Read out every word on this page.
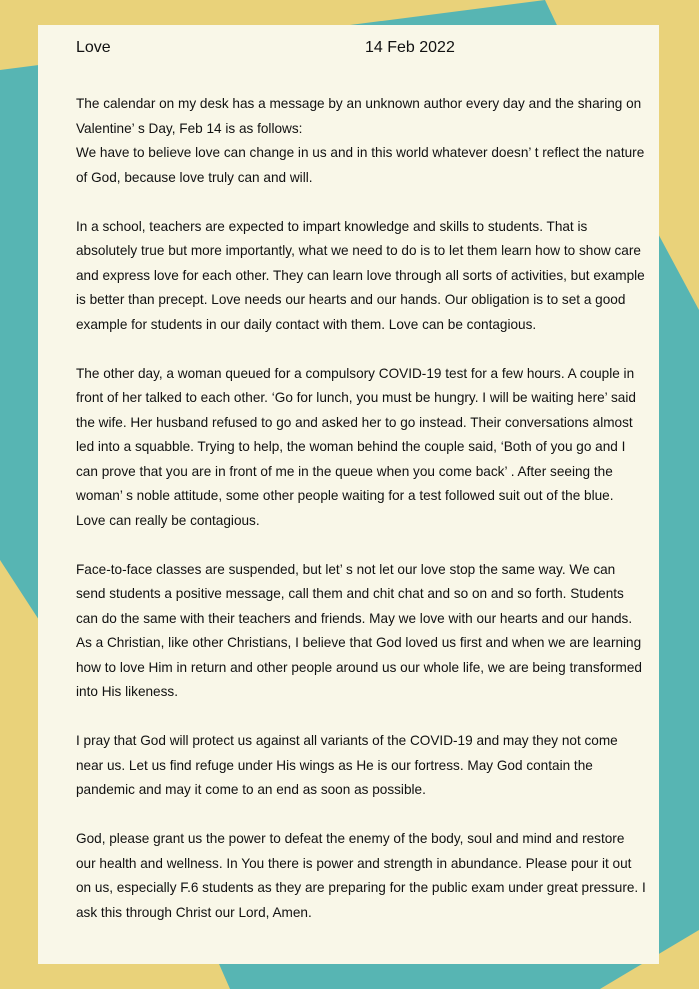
Love	14 Feb 2022

The calendar on my desk has a message by an unknown author every day and the sharing on Valentine’ s Day, Feb 14 is as follows:

We have to believe love can change in us and in this world whatever doesn’ t reflect the nature of God, because love truly can and will.

In a school, teachers are expected to impart knowledge and skills to students. That is absolutely true but more importantly, what we need to do is to let them learn how to show care and express love for each other. They can learn love through all sorts of activities, but example is better than precept. Love needs our hearts and our hands. Our obligation is to set a good example for students in our daily contact with them. Love can be contagious.

The other day, a woman queued for a compulsory COVID-19 test for a few hours. A couple in front of her talked to each other. ‘Go for lunch, you must be hungry. I will be waiting here’ said the wife. Her husband refused to go and asked her to go instead. Their conversations almost led into a squabble. Trying to help, the woman behind the couple said, ‘Both of you go and I can prove that you are in front of me in the queue when you come back’ . After seeing the woman’ s noble attitude, some other people waiting for a test followed suit out of the blue. Love can really be contagious.

Face-to-face classes are suspended, but let’ s not let our love stop the same way. We can send students a positive message, call them and chit chat and so on and so forth. Students can do the same with their teachers and friends. May we love with our hearts and our hands. As a Christian, like other Christians, I believe that God loved us first and when we are learning how to love Him in return and other people around us our whole life, we are being transformed into His likeness.

I pray that God will protect us against all variants of the COVID-19 and may they not come near us. Let us find refuge under His wings as He is our fortress. May God contain the pandemic and may it come to an end as soon as possible.

God, please grant us the power to defeat the enemy of the body, soul and mind and restore our health and wellness. In You there is power and strength in abundance. Please pour it out on us, especially F.6 students as they are preparing for the public exam under great pressure. I ask this through Christ our Lord, Amen.
